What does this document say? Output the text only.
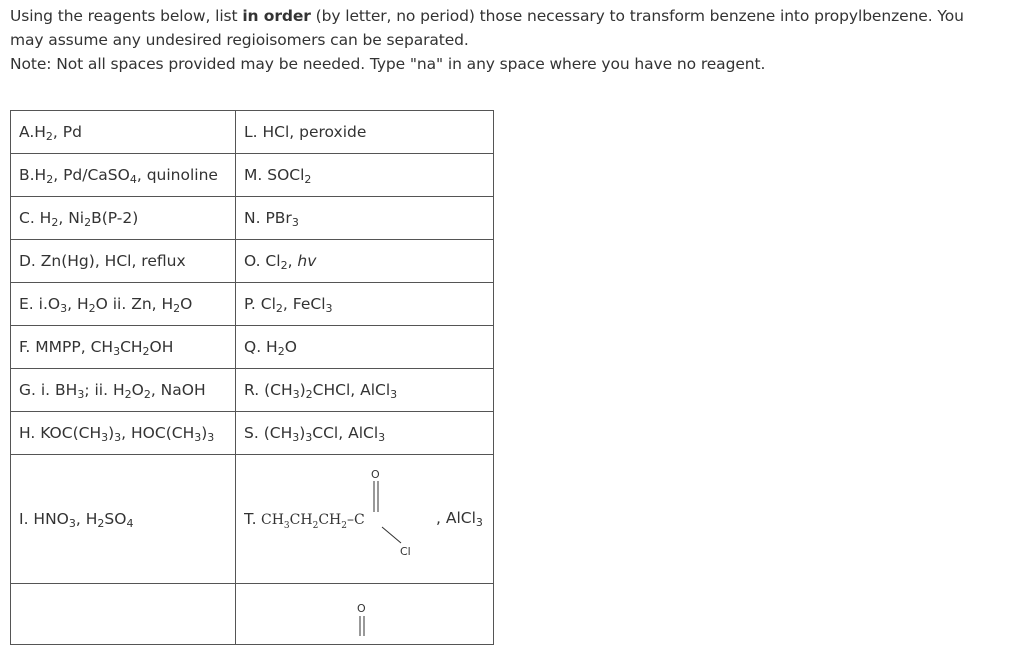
Using the reagents below, list in order (by letter, no period) those necessary to transform benzene into propylbenzene. You may assume any undesired regioisomers can be separated.

Note: Not all spaces provided may be needed. Type "na" in any space where you have no reagent.

$A.H_2$, Pd	L. HCl, peroxide
$B.H_2$, Pd/CaSO$_4$, quinoline	M. SOCl$_2$
C. $H_2$, $Ni_2B(P-2)$	N. PBr$_3$
D. Zn(Hg), HCl, reflux	O. $Cl_2$, hv
E. $i.O_3$, $H_2O$ ii. Zn, $H_2O$	P. $Cl_2$, FeCl$_3$
F. MMPP, $CH_3CH_2OH$	Q. $H_2O$
G. i. $BH_3$; ii. $H_2O_2$, NaOH	R. $(CH_3)_2CHCl$, AlCl$_3$
H. $KOC(CH_3)_3$, $HOC(CH_3)_3$	S. $(CH_3)_3CCl$, AlCl$_3$
I. $HNO_3$, $H_2SO_4$	T. $CH_3CH_2CH_2-C$
O
Cl
, AlCl$_3$

O
